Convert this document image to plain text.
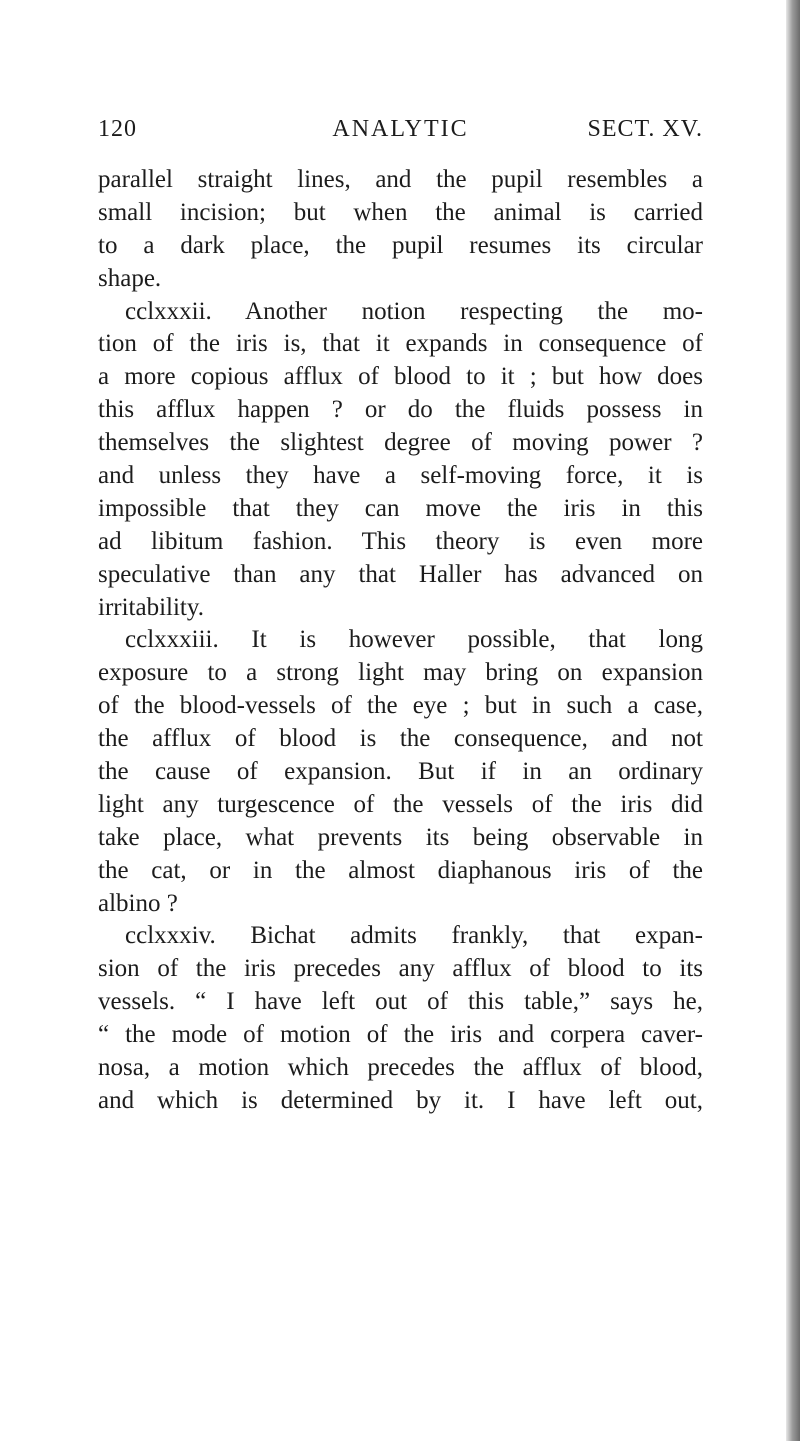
120	ANALYTIC	SECT. XV.
parallel straight lines, and the pupil resembles a
small incision; but when the animal is carried
to a dark place, the pupil resumes its circular
shape.
cclxxxii. Another notion respecting the mo-
tion of the iris is, that it expands in consequence of
a more copious afflux of blood to it ; but how does
this afflux happen ? or do the fluids possess in
themselves the slightest degree of moving power ?
and unless they have a self-moving force, it is
impossible that they can move the iris in this
ad libitum fashion. This theory is even more
speculative than any that Haller has advanced on
irritability.
cclxxxiii. It is however possible, that long
exposure to a strong light may bring on expansion
of the blood-vessels of the eye ; but in such a case,
the afflux of blood is the consequence, and not
the cause of expansion. But if in an ordinary
light any turgescence of the vessels of the iris did
take place, what prevents its being observable in
the cat, or in the almost diaphanous iris of the
albino ?
cclxxxiv. Bichat admits frankly, that expan-
sion of the iris precedes any afflux of blood to its
vessels. “ I have left out of this table,” says he,
“ the mode of motion of the iris and corpera caver-
nosa, a motion which precedes the afflux of blood,
and which is determined by it. I have left out,
